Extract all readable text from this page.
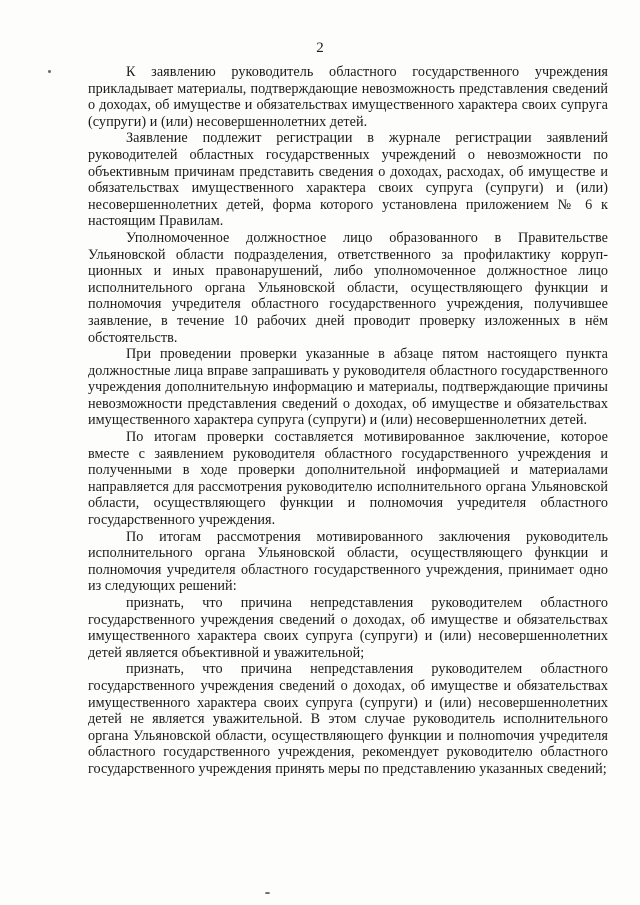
2

К заявлению руководитель областного государственного учреждения прикладывает материалы, подтверждающие невозможность представления сведений о доходах, об имуществе и обязательствах имущественного характера своих супруга (супруги) и (или) несовершеннолетних детей.

Заявление подлежит регистрации в журнале регистрации заявлений руководителей областных государственных учреждений о невозможности по объективным причинам представить сведения о доходах, расходах, об имуществе и обязательствах имущественного характера своих супруга (супруги) и (или) несовершеннолетних детей, форма которого установлена приложением № 6 к настоящим Правилам.

Уполномоченное должностное лицо образованного в Правительстве Ульяновской области подразделения, ответственного за профилактику коррупционных и иных правонарушений, либо уполномоченное должностное лицо исполнительного органа Ульяновской области, осуществляющего функции и полномочия учредителя областного государственного учреждения, получившее заявление, в течение 10 рабочих дней проводит проверку изложенных в нём обстоятельств.

При проведении проверки указанные в абзаце пятом настоящего пункта должностные лица вправе запрашивать у руководителя областного государственного учреждения дополнительную информацию и материалы, подтверждающие причины невозможности представления сведений о доходах, об имуществе и обязательствах имущественного характера супруга (супруги) и (или) несовершеннолетних детей.

По итогам проверки составляется мотивированное заключение, которое вместе с заявлением руководителя областного государственного учреждения и полученными в ходе проверки дополнительной информацией и материалами направляется для рассмотрения руководителю исполнительного органа Ульяновской области, осуществляющего функции и полномочия учредителя областного государственного учреждения.

По итогам рассмотрения мотивированного заключения руководитель исполнительного органа Ульяновской области, осуществляющего функции и полномочия учредителя областного государственного учреждения, принимает одно из следующих решений:

признать, что причина непредставления руководителем областного государственного учреждения сведений о доходах, об имуществе и обязательствах имущественного характера своих супруга (супруги) и (или) несовершеннолетних детей является объективной и уважительной;

признать, что причина непредставления руководителем областного государственного учреждения сведений о доходах, об имуществе и обязательствах имущественного характера своих супруга (супруги) и (или) несовершеннолетних детей не является уважительной. В этом случае руководитель исполнительного органа Ульяновской области, осуществляющего функции и полноmочия учредителя областного государственного учреждения, рекомендует руководителю областного государственного учреждения принять меры по представлению указанных сведений;
